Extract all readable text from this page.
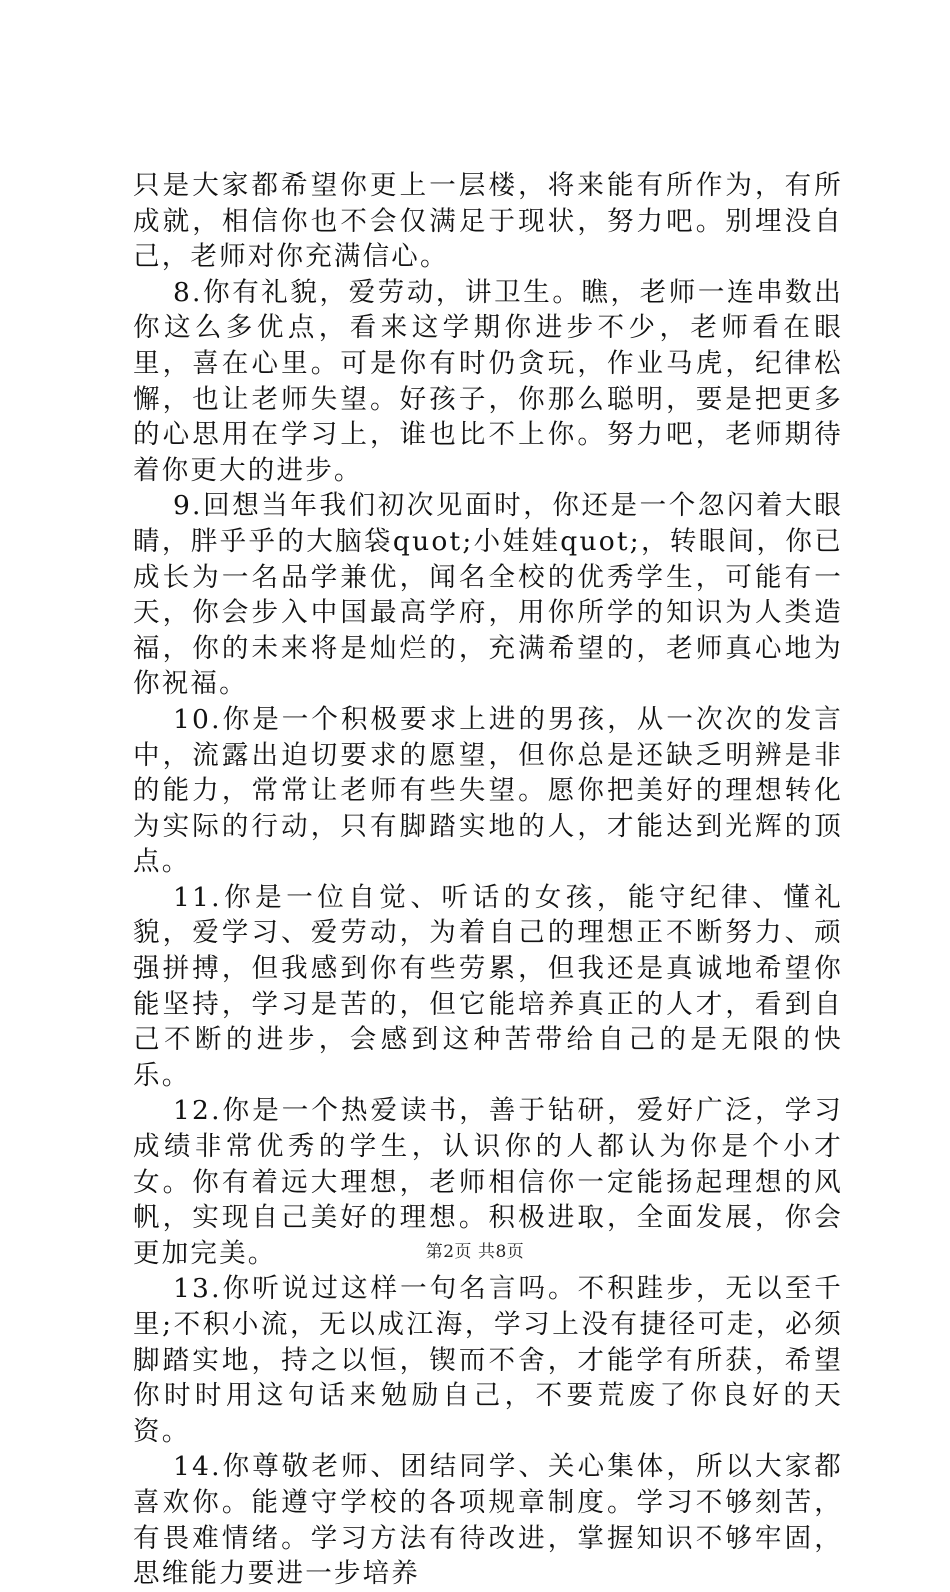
只是大家都希望你更上一层楼，将来能有所作为，有所成就，相信你也不会仅满足于现状，努力吧。别埋没自己，老师对你充满信心。

8.你有礼貌，爱劳动，讲卫生。瞧，老师一连串数出你这么多优点，看来这学期你进步不少，老师看在眼里，喜在心里。可是你有时仍贪玩，作业马虎，纪律松懈，也让老师失望。好孩子，你那么聪明，要是把更多的心思用在学习上，谁也比不上你。努力吧，老师期待着你更大的进步。

9.回想当年我们初次见面时，你还是一个忽闪着大眼睛，胖乎乎的大脑袋quot;小娃娃quot;，转眼间，你已成长为一名品学兼优，闻名全校的优秀学生，可能有一天，你会步入中国最高学府，用你所学的知识为人类造福，你的未来将是灿烂的，充满希望的，老师真心地为你祝福。

10.你是一个积极要求上进的男孩，从一次次的发言中，流露出迫切要求的愿望，但你总是还缺乏明辨是非的能力，常常让老师有些失望。愿你把美好的理想转化为实际的行动，只有脚踏实地的人，才能达到光辉的顶点。

11.你是一位自觉、听话的女孩，能守纪律、懂礼貌，爱学习、爱劳动，为着自己的理想正不断努力、顽强拼搏，但我感到你有些劳累，但我还是真诚地希望你能坚持，学习是苦的，但它能培养真正的人才，看到自己不断的进步，会感到这种苦带给自己的是无限的快乐。

12.你是一个热爱读书，善于钻研，爱好广泛，学习成绩非常优秀的学生，认识你的人都认为你是个小才女。你有着远大理想，老师相信你一定能扬起理想的风帆，实现自己美好的理想。积极进取，全面发展，你会更加完美。

13.你听说过这样一句名言吗。不积跬步，无以至千里;不积小流，无以成江海，学习上没有捷径可走，必须脚踏实地，持之以恒，锲而不舍，才能学有所获，希望你时时用这句话来勉励自己，不要荒废了你良好的天资。

14.你尊敬老师、团结同学、关心集体，所以大家都喜欢你。能遵守学校的各项规章制度。学习不够刻苦，有畏难情绪。学习方法有待改进，掌握知识不够牢固，思维能力要进一步培养

第2页 共8页
